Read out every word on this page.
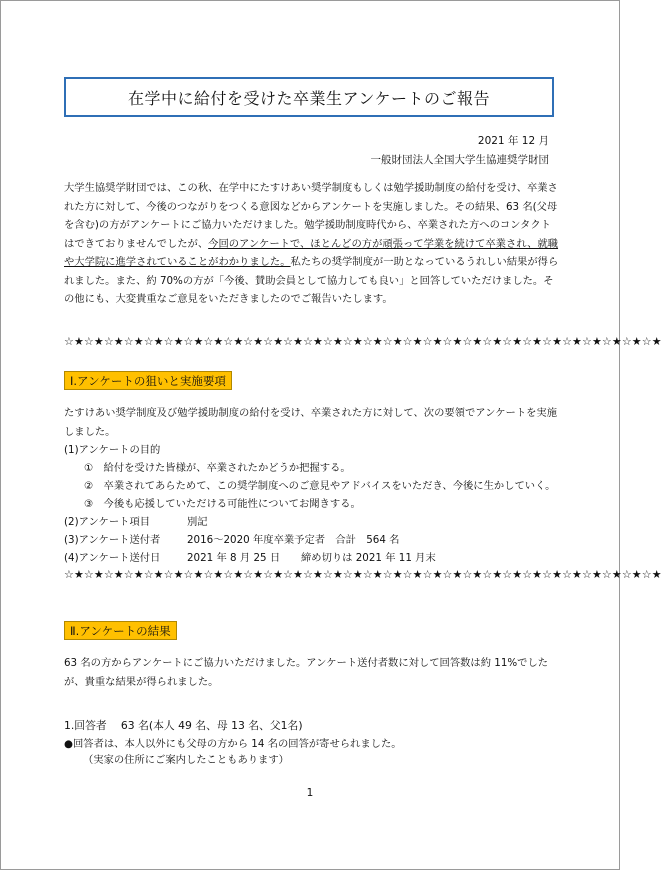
在学中に給付を受けた卒業生アンケートのご報告
2021 年 12 月
一般財団法人全国大学生協連奨学財団

大学生協奨学財団では、この秋、在学中にたすけあい奨学制度もしくは勉学援助制度の給付を受け、卒業された方に対して、今後のつながりをつくる意図などからアンケートを実施しました。その結果、63 名(父母を含む)の方がアンケートにご協力いただけました。勉学援助制度時代から、卒業された方へのコンタクトはできておりませんでしたが、今回のアンケートで、ほとんどの方が頑張って学業を続けて卒業され、就職や大学院に進学されていることがわかりました。私たちの奨学制度が一助となっているうれしい結果が得られました。また、約 70%の方が「今後、賛助会員として協力しても良い」と回答していただけました。その他にも、大変貴重なご意見をいただきましたのでご報告いたします。

☆★☆★☆★☆★☆★☆★☆★☆★☆★☆★☆★☆★☆★☆★☆★☆★☆★☆★☆★☆★☆★☆★☆★☆★☆★☆★☆★☆★☆★☆★
Ⅰ.アンケートの狙いと実施要項

たすけあい奨学制度及び勉学援助制度の給付を受け、卒業された方に対して、次の要領でアンケートを実施しました。

(1)アンケートの目的
①　給付を受けた皆様が、卒業されたかどうか把握する。
②　卒業されてあらためて、この奨学制度へのご意見やアドバイスをいただき、今後に生かしていく。
③　今後も応援していただける可能性についてお聞きする。
(2)アンケート項目	別記
(3)アンケート送付者	2016～2020 年度卒業予定者　合計　564 名
(4)アンケート送付日	2021 年 8 月 25 日 締め切りは 2021 年 11 月末
☆★☆★☆★☆★☆★☆★☆★☆★☆★☆★☆★☆★☆★☆★☆★☆★☆★☆★☆★☆★☆★☆★☆★☆★☆★☆★☆★☆★☆★☆★
Ⅱ.アンケートの結果

63 名の方からアンケートにご協力いただけました。アンケート送付者数に対して回答数は約 11%でしたが、貴重な結果が得られました。

1.回答者　 63 名(本人 49 名、母 13 名、父1名)

●回答者は、本人以外にも父母の方から 14 名の回答が寄せられました。
（実家の住所にご案内したこともあります）

1
